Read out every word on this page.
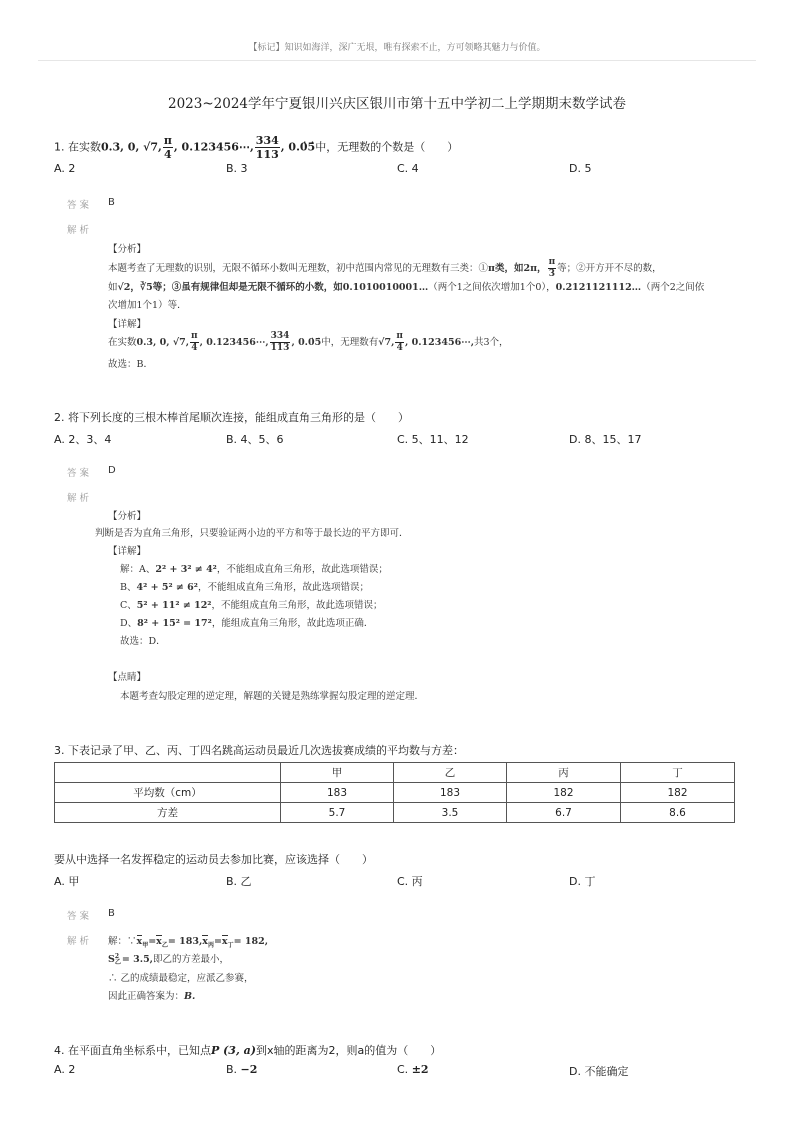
【标记】知识如海洋，深广无垠，唯有探索不止，方可领略其魅力与价值。
2023~2024学年宁夏银川兴庆区银川市第十五中学初二上学期期末数学试卷
1. 在实数0.3, 0, √7, $\frac{\pi}{4}$ , 0.123456⋯, $\frac{334}{113}$ , 0.0̇5̇中，无理数的个数是（　　）
A. 2	B. 3	C. 4	D. 5
答案 B
解析
【分析】
本题考查了无理数的识别，无限不循环小数叫无理数，初中范围内常见的无理数有三类：①π类，如2π， $\frac{\pi}{3}$ 等；②开方开不尽的数，
如√2，∛5等；③虽有规律但却是无限不循环的小数，如0.1010010001…（两个1之间依次增加1个0），0.2121121112…（两个2之间依
次增加1个1）等．
【详解】
在实数0.3, 0, √7, $\frac{\pi}{4}$ , 0.123456⋯, $\frac{334}{113}$ , 0.0̇5̇中，无理数有√7, $\frac{\pi}{4}$ , 0.123456⋯,共3个，
故选：B．
2. 将下列长度的三根木棒首尾顺次连接，能组成直角三角形的是（　　）
A. 2、3、4	B. 4、5、6	C. 5、11、12	D. 8、15、17
答案 D
解析
【分析】
判断是否为直角三角形，只要验证两小边的平方和等于最长边的平方即可．
【详解】
解：A、2² + 3² ≠ 4²，不能组成直角三角形，故此选项错误；
B、4² + 5² ≠ 6²，不能组成直角三角形，故此选项错误；
C、5² + 11² ≠ 12²，不能组成直角三角形，故此选项错误；
D、8² + 15² = 17²，能组成直角三角形，故此选项正确．
故选：D．
【点睛】
本题考查勾股定理的逆定理，解题的关键是熟练掌握勾股定理的逆定理．
3. 下表记录了甲、乙、丙、丁四名跳高运动员最近几次选拔赛成绩的平均数与方差：
	甲	乙	丙	丁
平均数（cm）	183	183	182	182
方差	5.7	3.5	6.7	8.6
要从中选择一名发挥稳定的运动员去参加比赛，应该选择（　　）
A. 甲	B. 乙	C. 丙	D. 丁
答案 B
解析 解：$\because x_甲=x_乙= 183,x_丙=x_丁= 182$,
S 2
乙 = 3.5,即乙的方差最小，
∴ 乙的成绩最稳定，应派乙参赛，
因此正确答案为：B.
4. 在平面直角坐标系中，已知点P (3, a)到x轴的距离为2，则a的值为（　　）
A. 2	B. −2	C. ±2	D. 不能确定
